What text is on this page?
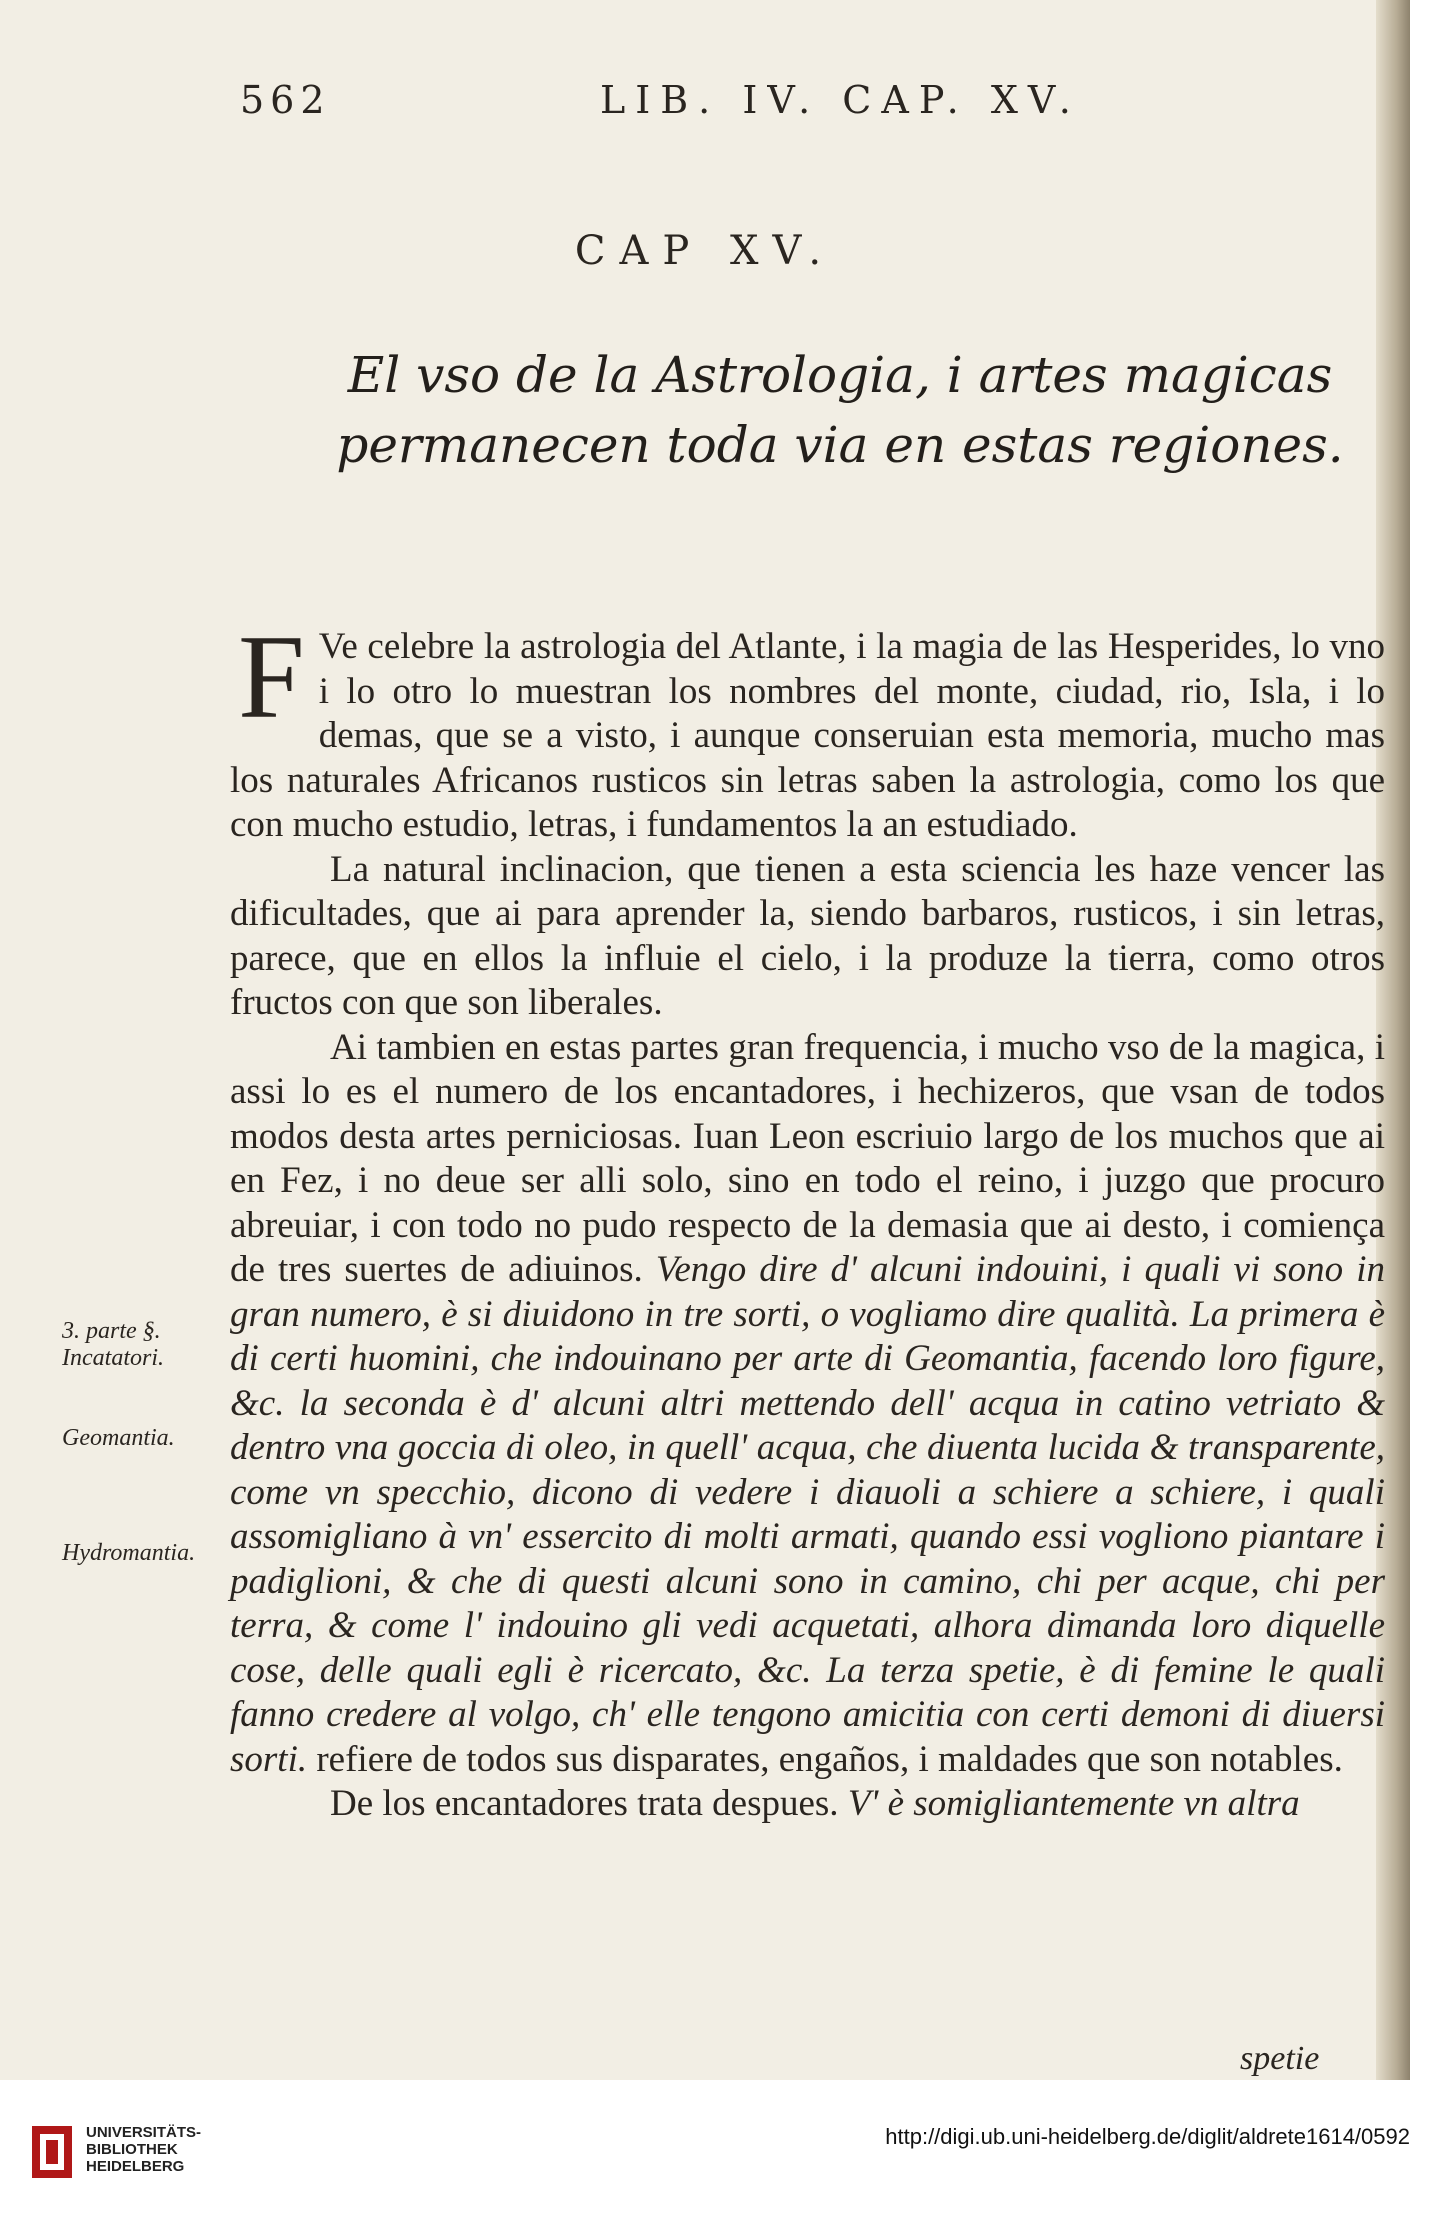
562	LIB. IV. CAP. XV.
CAP XV.
El vso de la Astrologia, i artes magicas permanecen toda via en estas regiones.

F Ve celebre la astrologia del Atlante, i la magia de las Hesperides, lo vno i lo otro lo muestran los nombres del monte, ciudad, rio, Isla, i lo demas, que se a visto, i aunque conseruian esta memoria, mucho mas los naturales Africanos rusticos sin letras saben la astrologia, como los que con mucho estudio, letras, i fundamentos la an estudiado.

La natural inclinacion, que tienen a esta sciencia les haze vencer las dificultades, que ai para aprender la, siendo barbaros, rusticos, i sin letras, parece, que en ellos la influie el cielo, i la produze la tierra, como otros fructos con que son liberales.

Ai tambien en estas partes gran frequencia, i mucho vso de la magica, i assi lo es el numero de los encantadores, i hechizeros, que vsan de todos modos desta artes perniciosas. Iuan Leon escriuio largo de los muchos que ai en Fez, i no deue ser alli solo, sino en todo el reino, i juzgo que procuro abreuiar, i con todo no pudo respecto de la demasia que ai desto, i comiença de tres suertes de adiuinos. Vengo dire d' alcuni indouini, i quali vi sono in gran numero, è si diuidono in tre sorti, o vogliamo dire qualità. La primera è di certi huomini, che indouinano per arte di Geomantia, facendo loro figure, &c. la seconda è d' alcuni altri mettendo dell' acqua in catino vetriato & dentro vna goccia di oleo, in quell' acqua, che diuenta lucida & transparente, come vn specchio, dicono di vedere i diauoli a schiere a schiere, i quali assomigliano à vn' essercito di molti armati, quando essi vogliono piantare i padiglioni, & che di questi alcuni sono in camino, chi per acque, chi per terra, & come l' indouino gli vedi acquetati, alhora dimanda loro diquelle cose, delle quali egli è ricercato, &c. La terza spetie, è di femine le quali fanno credere al volgo, ch' elle tengono amicitia con certi demoni di diuersi sorti. refiere de todos sus disparates, engaños, i maldades que son notables.

De los encantadores trata despues. V' è somigliantemente vn altra

3. parte §. Incatatori.
Geomantia.
Hydromantia.
spetie
UNIVERSITÄTS-
BIBLIOTHEK
HEIDELBERG
http://digi.ub.uni-heidelberg.de/diglit/aldrete1614/0592
